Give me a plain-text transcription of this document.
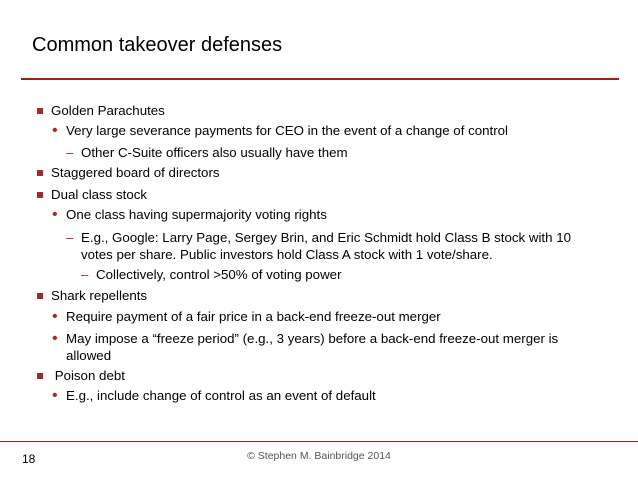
Common takeover defenses
Golden Parachutes
• Very large severance payments for CEO in the event of a change of control
– Other C-Suite officers also usually have them
Staggered board of directors
Dual class stock
• One class having supermajority voting rights
– E.g., Google: Larry Page, Sergey Brin, and Eric Schmidt hold Class B stock with 10
votes per share. Public investors hold Class A stock with 1 vote/share.
– Collectively, control >50% of voting power
Shark repellents
• Require payment of a fair price in a back-end freeze-out merger
• May impose a “freeze period” (e.g., 3 years) before a back-end freeze-out merger is
allowed
Poison debt
• E.g., include change of control as an event of default
18	© Stephen M. Bainbridge 2014
